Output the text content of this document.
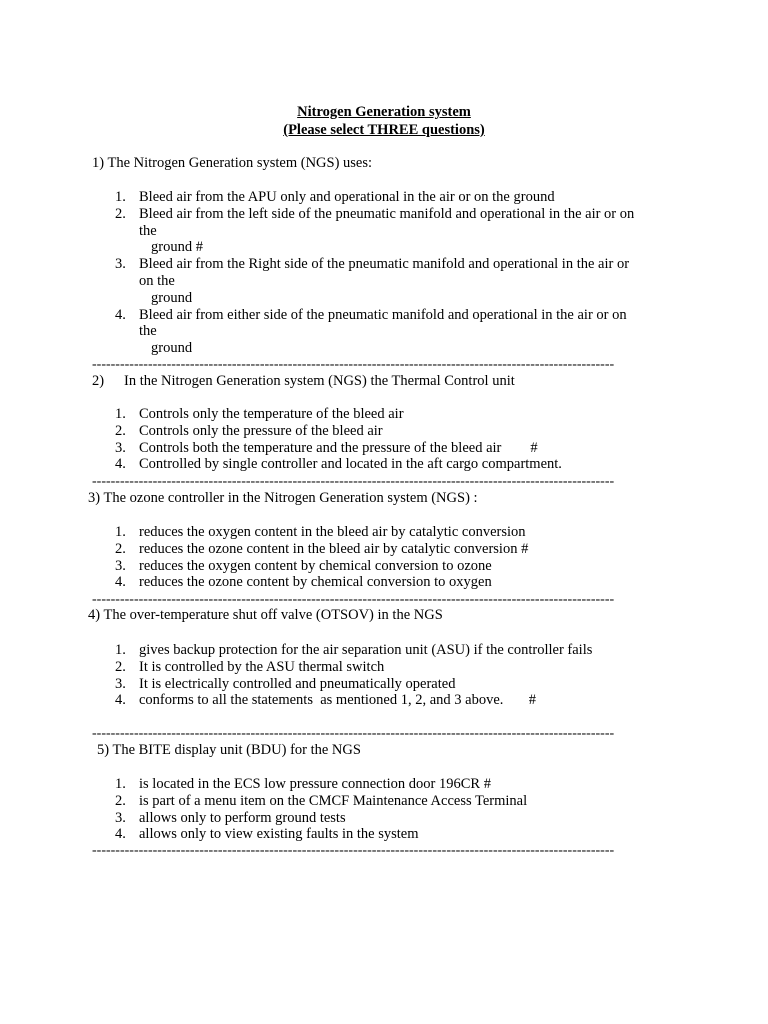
Nitrogen Generation system
(Please select THREE questions)
1) The Nitrogen Generation system (NGS) uses:
1. Bleed air from the APU only and operational in the air or on the ground
2. Bleed air from the left side of the pneumatic manifold and operational in the air or on
the
ground #
3. Bleed air from the Right side of the pneumatic manifold and operational in the air or
on the
ground
4. Bleed air from either side of the pneumatic manifold and operational in the air or on
the
ground
----------------------------------------------------------------------------------------------------------------
2) In the Nitrogen Generation system (NGS) the Thermal Control unit
1. Controls only the temperature of the bleed air
2. Controls only the pressure of the bleed air
3. Controls both the temperature and the pressure of the bleed air        #
4. Controlled by single controller and located in the aft cargo compartment.
----------------------------------------------------------------------------------------------------------------
3) The ozone controller in the Nitrogen Generation system (NGS) :
1. reduces the oxygen content in the bleed air by catalytic conversion
2. reduces the ozone content in the bleed air by catalytic conversion #
3. reduces the oxygen content by chemical conversion to ozone
4. reduces the ozone content by chemical conversion to oxygen
----------------------------------------------------------------------------------------------------------------
4) The over-temperature shut off valve (OTSOV) in the NGS
1. gives backup protection for the air separation unit (ASU) if the controller fails
2. It is controlled by the ASU thermal switch
3. It is electrically controlled and pneumatically operated
4. conforms to all the statements  as mentioned 1, 2, and 3 above.       #
----------------------------------------------------------------------------------------------------------------
5) The BITE display unit (BDU) for the NGS
1. is located in the ECS low pressure connection door 196CR #
2. is part of a menu item on the CMCF Maintenance Access Terminal
3. allows only to perform ground tests
4. allows only to view existing faults in the system
----------------------------------------------------------------------------------------------------------------
